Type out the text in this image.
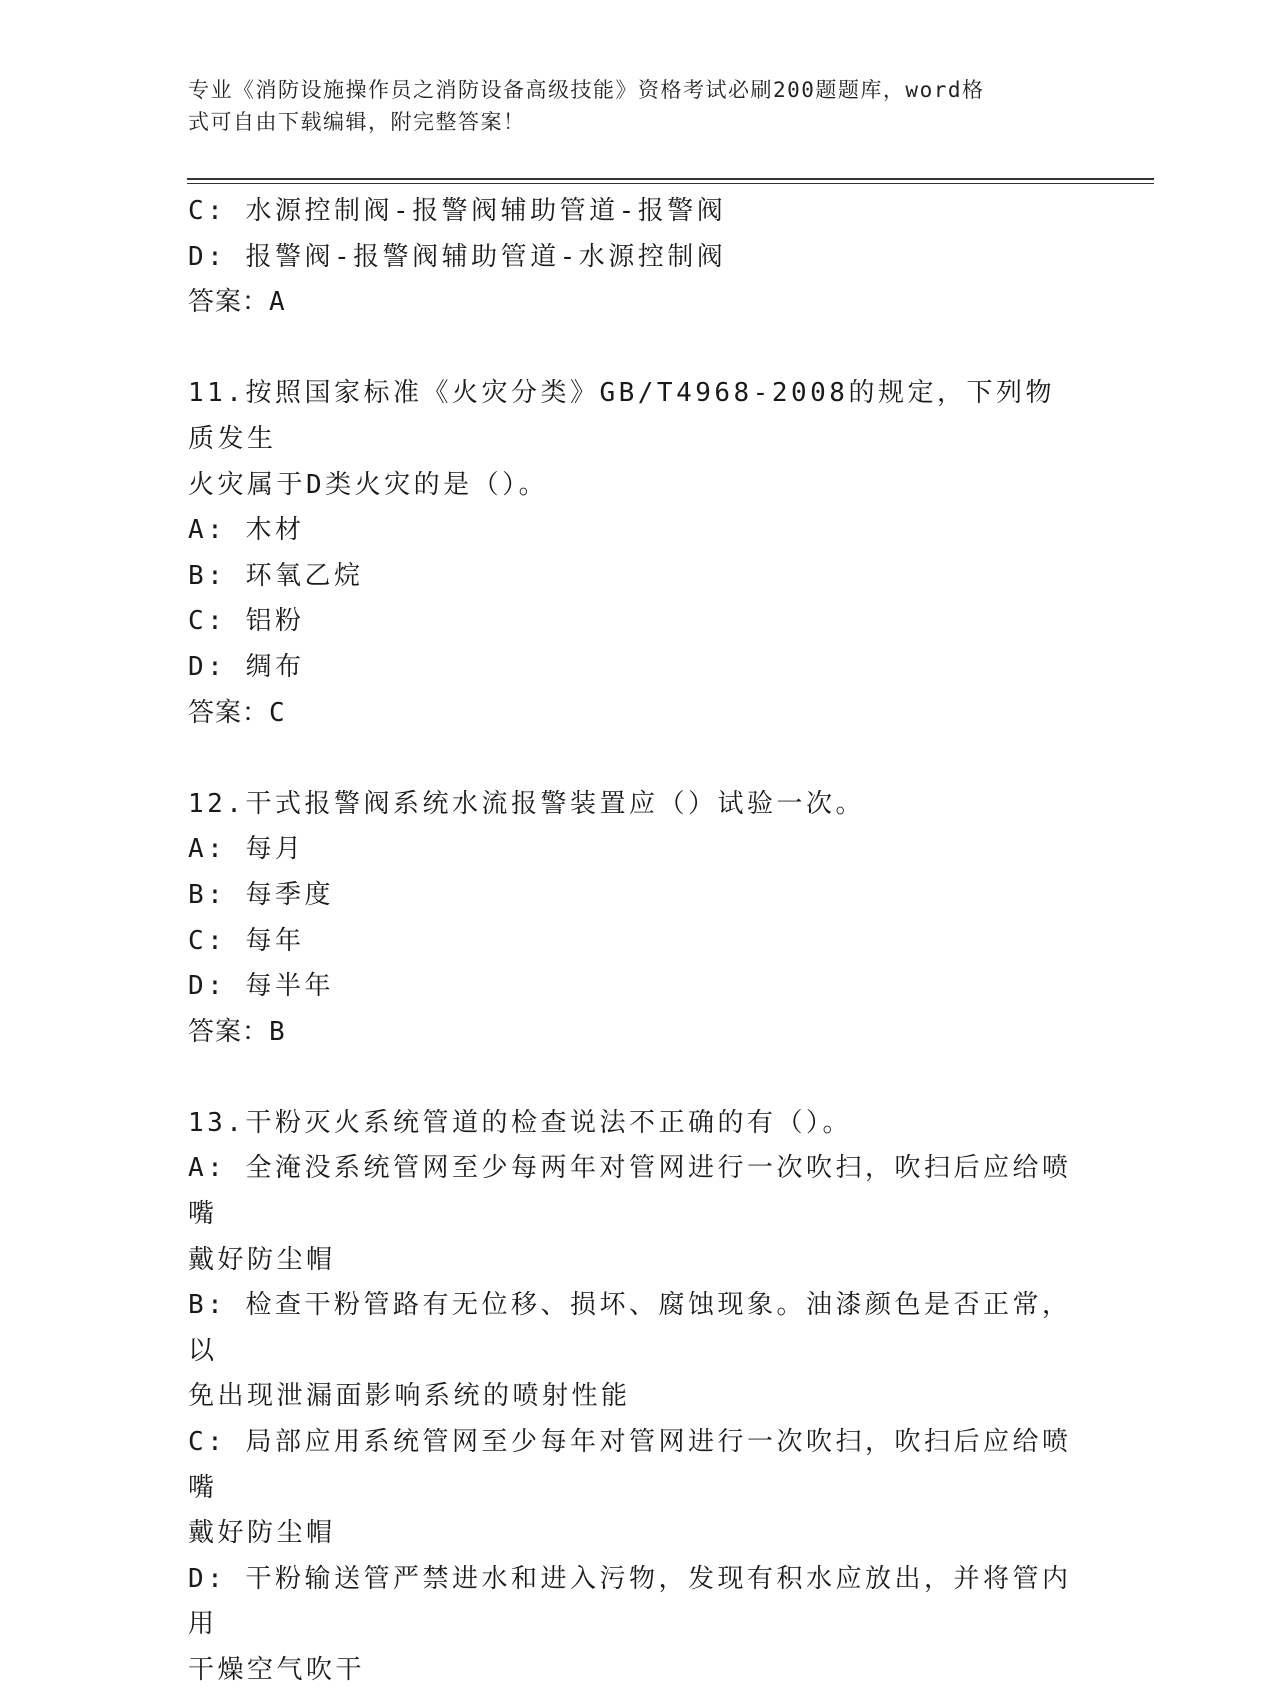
专业《消防设施操作员之消防设备高级技能》资格考试必刷200题题库，word格
式可自由下载编辑，附完整答案！
C: 水源控制阀-报警阀辅助管道-报警阀
D: 报警阀-报警阀辅助管道-水源控制阀
答案：A
11.按照国家标准《火灾分类》GB/T4968-2008的规定，下列物质发生
火灾属于D类火灾的是（）。
A: 木材
B: 环氧乙烷
C: 铝粉
D: 绸布
答案：C
12.干式报警阀系统水流报警装置应（）试验一次。
A: 每月
B: 每季度
C: 每年
D: 每半年
答案：B
13.干粉灭火系统管道的检查说法不正确的有（）。
A: 全淹没系统管网至少每两年对管网进行一次吹扫，吹扫后应给喷嘴
戴好防尘帽
B: 检查干粉管路有无位移、损坏、腐蚀现象。油漆颜色是否正常，以
免出现泄漏面影响系统的喷射性能
C: 局部应用系统管网至少每年对管网进行一次吹扫，吹扫后应给喷嘴
戴好防尘帽
D: 干粉输送管严禁进水和进入污物，发现有积水应放出，并将管内用
干燥空气吹干
